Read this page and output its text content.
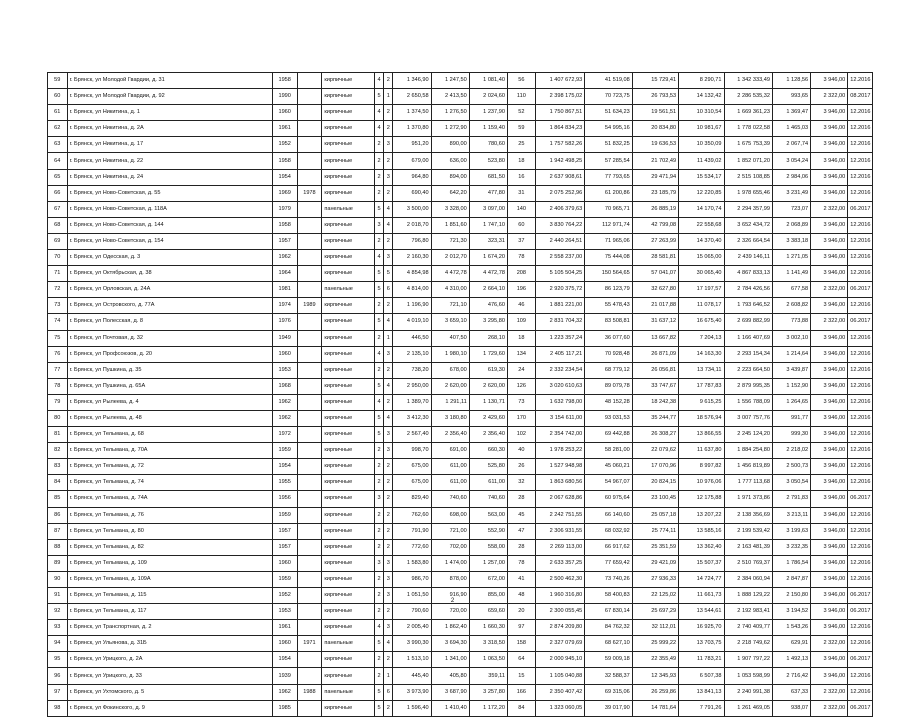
59	г. Брянск, ул Молодой Гвардии, д. 31	1958		кирпичные	4	2	1 346,90	1 247,50	1 081,40	56	1 407 672,93	41 519,08	15 729,41	8 290,71	1 342 333,49	1 128,56	3 946,00	12.2016
60	г. Брянск, ул Молодой Гвардии, д. 92	1990		кирпичные	5	1	2 650,58	2 413,50	2 024,60	110	2 398 175,02	70 723,75	26 793,53	14 132,42	2 286 535,32	993,65	2 322,00	08.2017
61	г. Брянск, ул Никитина, д. 1	1960		кирпичные	4	2	1 374,50	1 276,50	1 237,90	52	1 750 867,51	51 634,23	19 561,51	10 310,54	1 669 361,23	1 369,47	3 946,00	12.2016
62	г. Брянск, ул Никитина, д. 2А	1961		кирпичные	4	2	1 370,80	1 272,90	1 159,40	59	1 864 834,23	54 995,16	20 834,80	10 981,67	1 778 022,58	1 465,03	3 946,00	12.2016
63	г. Брянск, ул Никитина, д. 17	1952		кирпичные	2	3	951,20	890,00	780,60	25	1 757 582,26	51 832,25	19 636,53	10 350,09	1 675 753,39	2 067,74	3 946,00	12.2016
64	г. Брянск, ул Никитина, д. 22	1958		кирпичные	2	2	679,00	636,00	523,80	18	1 942 498,25	57 285,54	21 702,49	11 439,02	1 852 071,20	3 054,24	3 946,00	12.2016
65	г. Брянск, ул Никитина, д. 24	1954		кирпичные	2	3	964,80	894,00	681,50	16	2 637 908,61	77 793,65	29 471,94	15 534,17	2 515 108,85	2 984,06	3 946,00	12.2016
66	г. Брянск, ул Ново-Советская, д. 55	1969	1978	кирпичные	2	2	690,40	642,20	477,80	31	2 075 252,96	61 200,86	23 185,79	12 220,85	1 978 655,46	3 231,49	3 946,00	12.2016
67	г. Брянск, ул Ново-Советская, д. 118А	1979		панельные	5	4	3 500,00	3 328,00	3 097,00	140	2 406 379,63	70 965,71	26 885,19	14 170,74	2 294 357,99	723,07	2 322,00	06.2017
68	г. Брянск, ул Ново-Советская, д. 144	1958		кирпичные	3	4	2 018,70	1 851,60	1 747,10	60	3 830 764,22	112 971,74	42 799,08	22 558,68	3 652 434,72	2 068,89	3 946,00	12.2016
69	г. Брянск, ул Ново-Советская, д. 154	1957		кирпичные	2	2	796,80	721,30	323,31	37	2 440 264,51	71 965,06	27 263,99	14 370,40	2 326 664,54	3 383,18	3 946,00	12.2016
70	г. Брянск, ул Одесская, д. 3	1962		кирпичные	4	3	2 160,30	2 012,70	1 674,20	78	2 558 237,00	75 444,08	28 581,81	15 065,00	2 439 146,11	1 271,05	3 946,00	12.2016
71	г. Брянск, ул Октябрьская, д. 38	1964		кирпичные	5	5	4 854,98	4 472,78	4 472,78	208	5 105 504,25	150 564,65	57 041,07	30 065,40	4 867 833,13	1 141,49	3 946,00	12.2016
72	г. Брянск, ул Орловская, д. 24А	1981		панельные	5	6	4 814,00	4 310,00	2 664,10	196	2 920 375,72	86 123,79	32 627,80	17 197,57	2 784 426,56	677,58	2 322,00	06.2017
73	г. Брянск, ул Островского, д. 77А	1974	1989	кирпичные	2	2	1 196,90	721,10	476,60	46	1 881 221,00	55 478,43	21 017,88	11 078,17	1 793 646,52	2 608,82	3 946,00	12.2016
74	г. Брянск, ул Полесская, д. 8	1976		кирпичные	5	4	4 019,10	3 659,10	3 295,80	109	2 831 704,32	83 508,81	31 637,12	16 675,40	2 699 882,99	773,88	2 322,00	06.2017
75	г. Брянск, ул Почтовая, д. 32	1949		кирпичные	2	1	446,50	407,50	268,10	18	1 223 357,24	36 077,60	13 667,82	7 204,13	1 166 407,69	3 002,10	3 946,00	12.2016
76	г. Брянск, ул Профсоюзов, д. 20	1960		кирпичные	4	3	2 135,10	1 980,10	1 729,60	134	2 405 117,21	70 928,48	26 871,09	14 163,30	2 293 154,34	1 214,64	3 946,00	12.2016
77	г. Брянск, ул Пушкина, д. 35	1953		кирпичные	2	2	738,20	678,00	619,30	24	2 332 234,54	68 779,12	26 056,81	13 734,11	2 223 664,50	3 439,87	3 946,00	12.2016
78	г. Брянск, ул Пушкина, д. 65А	1968		кирпичные	5	4	2 950,00	2 620,00	2 620,00	126	3 020 610,63	89 079,78	33 747,67	17 787,83	2 879 995,35	1 152,90	3 946,00	12.2016
79	г. Брянск, ул Рылеева, д. 4	1962		кирпичные	4	2	1 389,70	1 291,11	1 130,71	73	1 632 798,00	48 152,28	18 242,38	9 615,25	1 556 788,09	1 264,65	3 946,00	12.2016
80	г. Брянск, ул Рылеева, д. 48	1962		кирпичные	5	4	3 412,30	3 180,80	2 429,60	170	3 154 611,00	93 031,53	35 244,77	18 576,94	3 007 757,76	991,77	3 946,00	12.2016
81	г. Брянск, ул Тельмана, д. 68	1972		кирпичные	5	3	2 567,40	2 356,40	2 356,40	102	2 354 742,00	69 442,88	26 308,27	13 866,55	2 245 124,20	999,30	3 946,00	12.2016
82	г. Брянск, ул Тельмана, д. 70А	1959		кирпичные	2	3	998,70	691,00	660,30	40	1 978 253,22	58 281,00	22 079,62	11 637,80	1 884 254,80	2 218,02	3 946,00	12.2016
83	г. Брянск, ул Тельмана, д. 72	1954		кирпичные	2	2	675,00	611,00	525,80	26	1 527 948,98	45 060,21	17 070,96	8 997,82	1 456 819,89	2 500,73	3 946,00	12.2016
84	г. Брянск, ул Тельмана, д. 74	1955		кирпичные	2	2	675,00	611,00	611,00	32	1 863 680,56	54 967,07	20 824,15	10 976,06	1 777 113,68	3 050,54	3 946,00	12.2016
85	г. Брянск, ул Тельмана, д. 74А	1956		кирпичные	3	2	829,40	740,60	740,60	28	2 067 628,86	60 975,64	23 100,45	12 175,88	1 971 373,86	2 791,83	3 946,00	06.2017
86	г. Брянск, ул Тельмана, д. 76	1959		кирпичные	2	2	762,60	698,00	563,00	45	2 242 751,55	66 140,60	25 057,18	13 207,22	2 138 356,69	3 213,11	3 946,00	12.2016
87	г. Брянск, ул Тельмана, д. 80	1957		кирпичные	2	2	791,90	721,00	552,90	47	2 306 931,55	68 032,92	25 774,11	13 585,16	2 199 539,42	3 199,63	3 946,00	12.2016
88	г. Брянск, ул Тельмана, д. 82	1957		кирпичные	2	2	772,60	702,00	558,00	28	2 269 113,00	66 917,62	25 351,59	13 362,40	2 163 481,39	3 232,35	3 946,00	12.2016
89	г. Брянск, ул Тельмана, д. 109	1960		кирпичные	3	3	1 583,80	1 474,00	1 257,00	78	2 633 357,25	77 659,42	29 421,09	15 507,37	2 510 769,37	1 786,54	3 946,00	12.2016
90	г. Брянск, ул Тельмана, д. 109А	1959		кирпичные	2	3	986,70	878,00	672,00	41	2 500 462,30	73 740,26	27 936,33	14 724,77	2 384 060,94	2 847,87	3 946,00	12.2016
91	г. Брянск, ул Тельмана, д. 115	1952		кирпичные	2	3	1 051,50	916,90	855,00	48	1 960 316,80	58 400,83	22 125,02	11 661,73	1 888 129,22	2 150,80	3 946,00	06.2017
92	г. Брянск, ул Тельмана, д. 117	1953		кирпичные	2	2	790,60	720,00	659,60	20	2 300 055,45	67 830,14	25 697,29	13 544,61	2 192 983,41	3 194,52	3 946,00	06.2017
93	г. Брянск, ул Транспортная, д. 2	1961		кирпичные	4	3	2 005,40	1 862,40	1 660,30	97	2 874 209,80	84 762,32	32 112,01	16 925,70	2 740 409,77	1 543,26	3 946,00	12.2016
94	г. Брянск, ул Ульянова, д. 31Б	1960	1971	панельные	5	4	3 990,30	3 694,30	3 318,50	158	2 327 079,69	68 627,10	25 999,22	13 703,75	2 218 749,62	629,91	2 322,00	12.2016
95	г. Брянск, ул Урицкого, д. 2А	1954		кирпичные	2	2	1 513,10	1 341,00	1 063,50	64	2 000 945,10	59 009,18	22 355,49	11 783,21	1 907 797,22	1 492,13	3 946,00	06.2017
96	г. Брянск, ул Урицкого, д. 33	1939		кирпичные	2	1	445,40	405,80	359,11	15	1 105 040,88	32 588,37	12 345,93	6 507,38	1 053 598,99	2 716,42	3 946,00	12.2016
97	г. Брянск, ул Ухтомского, д. 5	1962	1988	панельные	5	6	3 973,90	3 687,90	3 257,80	166	2 350 407,42	69 315,06	26 259,86	13 841,13	2 240 991,38	637,33	2 322,00	12.2016
98	г. Брянск, ул Фокинского, д. 9	1985		кирпичные	5	2	1 596,40	1 410,40	1 172,20	84	1 323 060,05	39 017,90	14 781,64	7 791,26	1 261 469,05	938,07	2 322,00	06.2017
2
